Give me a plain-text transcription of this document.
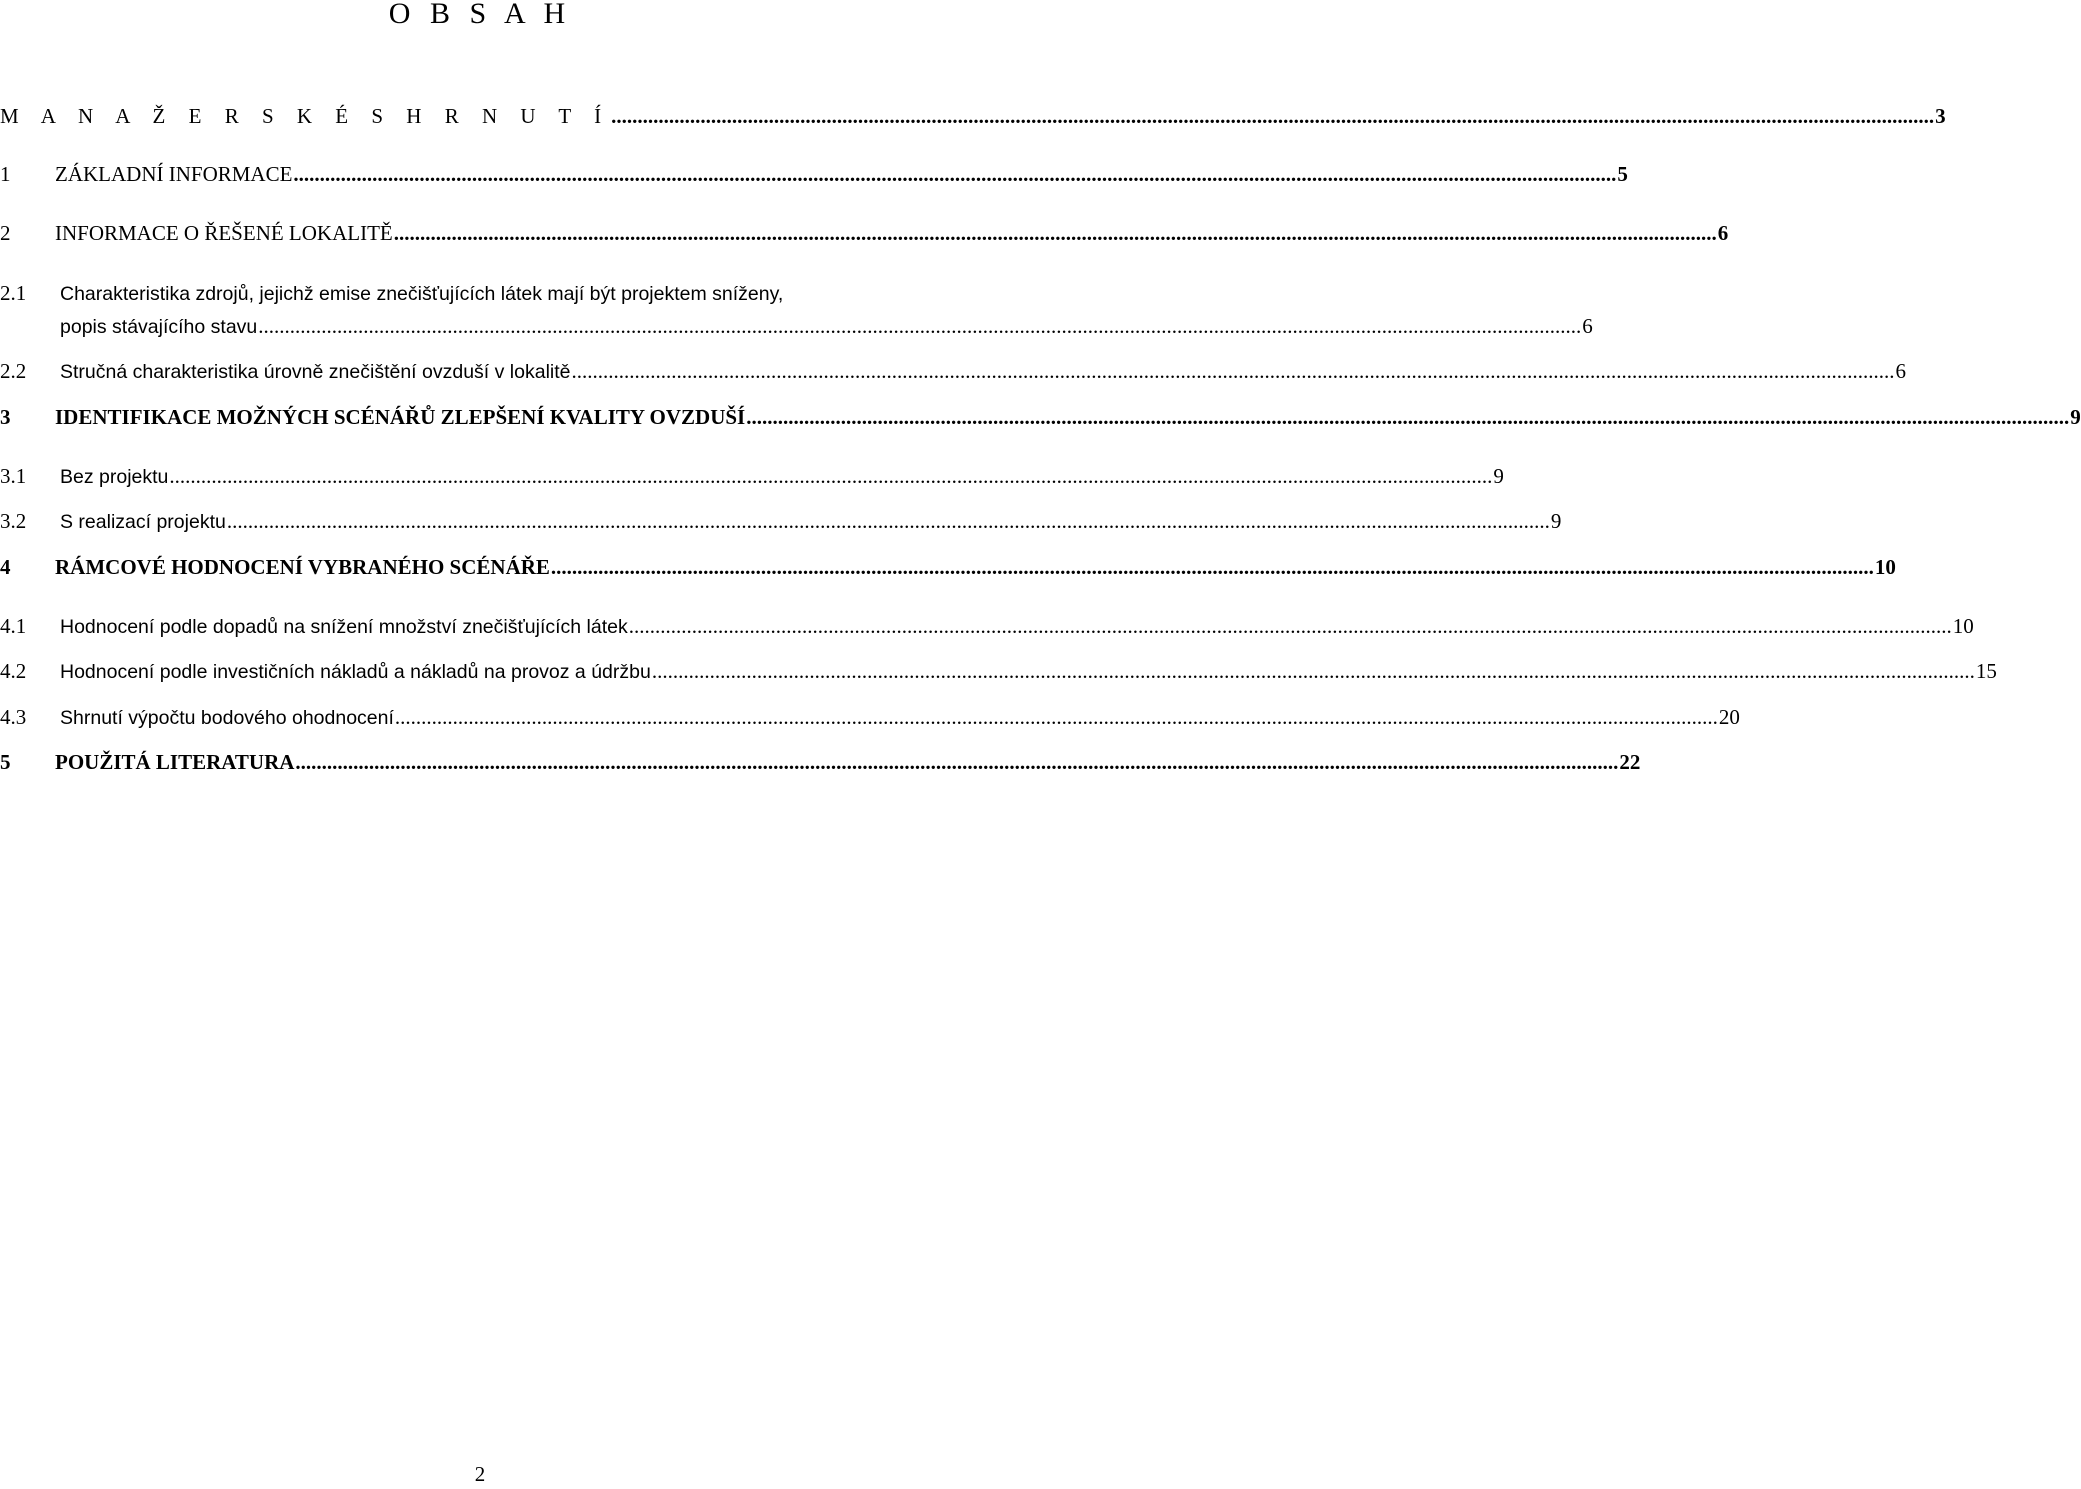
O B S A H
M A N A Ž E R S K É S H R N U T Í .....	3
1	ZÁKLADNÍ INFORMACE .....	5
2	INFORMACE O ŘEŠENÉ LOKALITĚ .....	6
2.1	Charakteristika zdrojů, jejichž emise znečišťujících látek mají být projektem sníženy,
popis stávajícího stavu .....	6
2.2	Stručná charakteristika úrovně znečištění ovzduší v lokalitě .....	6
3	IDENTIFIKACE MOŽNÝCH SCÉNÁŘŮ ZLEPŠENÍ KVALITY OVZDUŠÍ .....	9
3.1	Bez projektu .....	9
3.2	S realizací projektu .....	9
4	RÁMCOVÉ HODNOCENÍ VYBRANÉHO SCÉNÁŘE .....	10
4.1	Hodnocení podle dopadů na snížení množství znečišťujících látek .....	10
4.2	Hodnocení podle investičních nákladů a nákladů na provoz a údržbu .....	15
4.3	Shrnutí výpočtu bodového ohodnocení .....	20
5	POUŽITÁ LITERATURA .....	22
2
